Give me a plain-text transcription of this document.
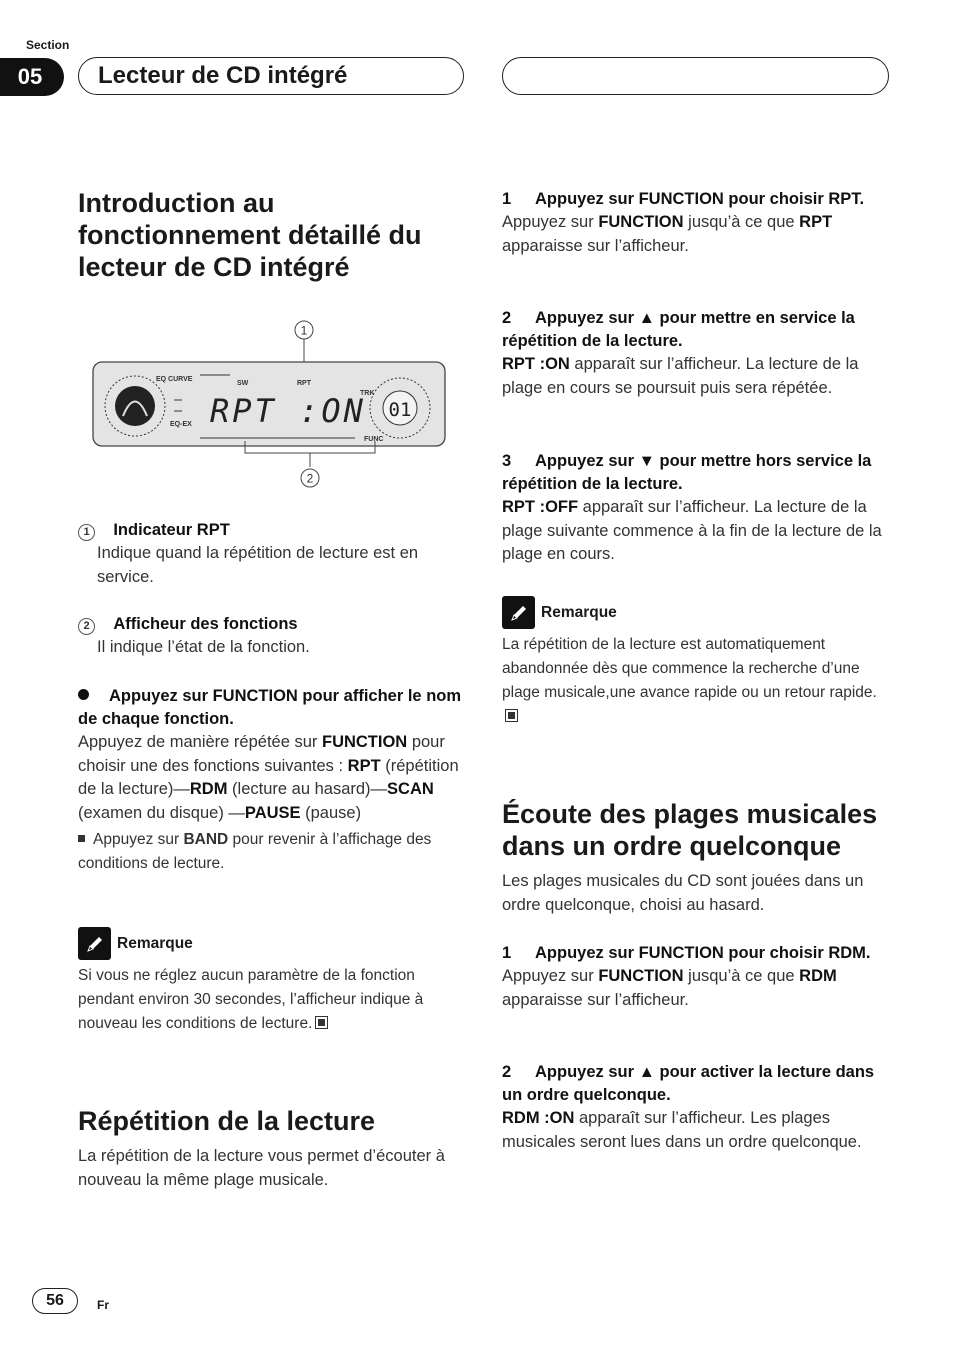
Section
05	Lecteur de CD intégré
Introduction au fonctionnement détaillé du lecteur de CD intégré
1
EQ CURVE
EQ-EX
SW	RPT
RPT :ON
TRK
FUNC
01
2
1 Indicateur RPT

Indique quand la répétition de lecture est en service.

2 Afficheur des fonctions

Il indique l’état de la fonction.

Appuyez sur FUNCTION pour afficher le nom de chaque fonction.

Appuyez de manière répétée sur FUNCTION pour choisir une des fonctions suivantes : RPT (répétition de la lecture)—RDM (lecture au hasard)—SCAN (examen du disque) —PAUSE (pause)

Appuyez sur BAND pour revenir à l’affichage des conditions de lecture.

Remarque

Si vous ne réglez aucun paramètre de la fonction pendant environ 30 secondes, l’afficheur indique à nouveau les conditions de lecture.

Répétition de la lecture

La répétition de la lecture vous permet d’écouter à nouveau la même plage musicale.

1 Appuyez sur FUNCTION pour choisir RPT.

Appuyez sur FUNCTION jusqu’à ce que RPT apparaisse sur l’afficheur.

2 Appuyez sur ▲ pour mettre en service la répétition de la lecture.

RPT :ON apparaît sur l’afficheur. La lecture de la plage en cours se poursuit puis sera répétée.

3 Appuyez sur ▼ pour mettre hors service la répétition de la lecture.

RPT :OFF apparaît sur l’afficheur. La lecture de la plage suivante commence à la fin de la lecture de la plage en cours.

Remarque

La répétition de la lecture est automatiquement abandonnée dès que commence la recherche d’une plage musicale,une avance rapide ou un retour rapide.

Écoute des plages musicales dans un ordre quelconque

Les plages musicales du CD sont jouées dans un ordre quelconque, choisi au hasard.

1 Appuyez sur FUNCTION pour choisir RDM.

Appuyez sur FUNCTION jusqu’à ce que RDM apparaisse sur l’afficheur.

2 Appuyez sur ▲ pour activer la lecture dans un ordre quelconque.

RDM :ON apparaît sur l’afficheur. Les plages musicales seront lues dans un ordre quelconque.

56	Fr
